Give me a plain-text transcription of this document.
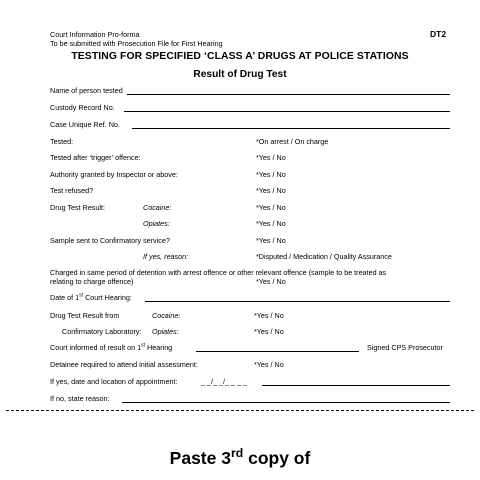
Court Information Pro-forma
To be submitted with Prosecution File for First Hearing
DT2
TESTING FOR SPECIFIED ‘CLASS A’ DRUGS AT POLICE STATIONS
Result of Drug Test
Name of person tested
Custody Record No.
Case Unique Ref. No.
Tested:	*On arrest / On charge
Tested after ‘trigger’ offence:	*Yes / No
Authority granted by Inspector or above:	*Yes / No
Test refused?	*Yes / No
Drug Test Result:	Cocaine:	*Yes / No
Opiates:	*Yes / No
Sample sent to Confirmatory service?	*Yes / No
If yes, reason:	*Disputed / Medication / Quality Assurance
Charged in same period of detention with arrest offence or other relevant offence (sample to be treated as
relating to charge offence)	*Yes / No
Date of 1st Court Hearing:
Drug Test Result from	Cocaine:	*Yes / No
Confirmatory Laboratory: Opiates:	*Yes / No
Court informed of result on 1st Hearing	Signed CPS Prosecutor
Detainee required to attend initial assessment:	*Yes / No
If yes, date and location of appointment:	_ _/_ _/_ _ _ _
If no, state reason:
Paste 3rd copy of
